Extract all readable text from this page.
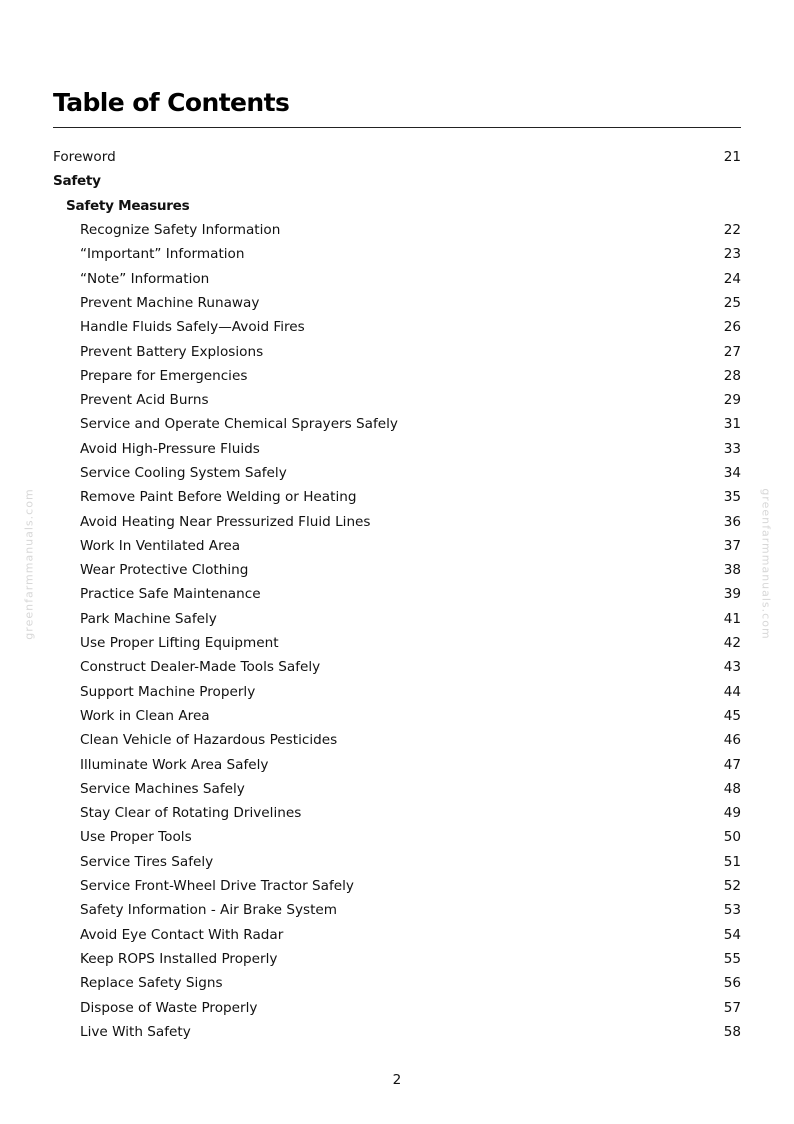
Table of Contents
Foreword	21
Safety
Safety Measures
Recognize Safety Information	22
“Important” Information	23
“Note” Information	24
Prevent Machine Runaway	25
Handle Fluids Safely—Avoid Fires	26
Prevent Battery Explosions	27
Prepare for Emergencies	28
Prevent Acid Burns	29
Service and Operate Chemical Sprayers Safely	31
Avoid High-Pressure Fluids	33
Service Cooling System Safely	34
Remove Paint Before Welding or Heating	35
Avoid Heating Near Pressurized Fluid Lines	36
Work In Ventilated Area	37
Wear Protective Clothing	38
Practice Safe Maintenance	39
Park Machine Safely	41
Use Proper Lifting Equipment	42
Construct Dealer-Made Tools Safely	43
Support Machine Properly	44
Work in Clean Area	45
Clean Vehicle of Hazardous Pesticides	46
Illuminate Work Area Safely	47
Service Machines Safely	48
Stay Clear of Rotating Drivelines	49
Use Proper Tools	50
Service Tires Safely	51
Service Front-Wheel Drive Tractor Safely	52
Safety Information - Air Brake System	53
Avoid Eye Contact With Radar	54
Keep ROPS Installed Properly	55
Replace Safety Signs	56
Dispose of Waste Properly	57
Live With Safety	58
2
greenfarmmanuals.com	greenfarmmanuals.com
